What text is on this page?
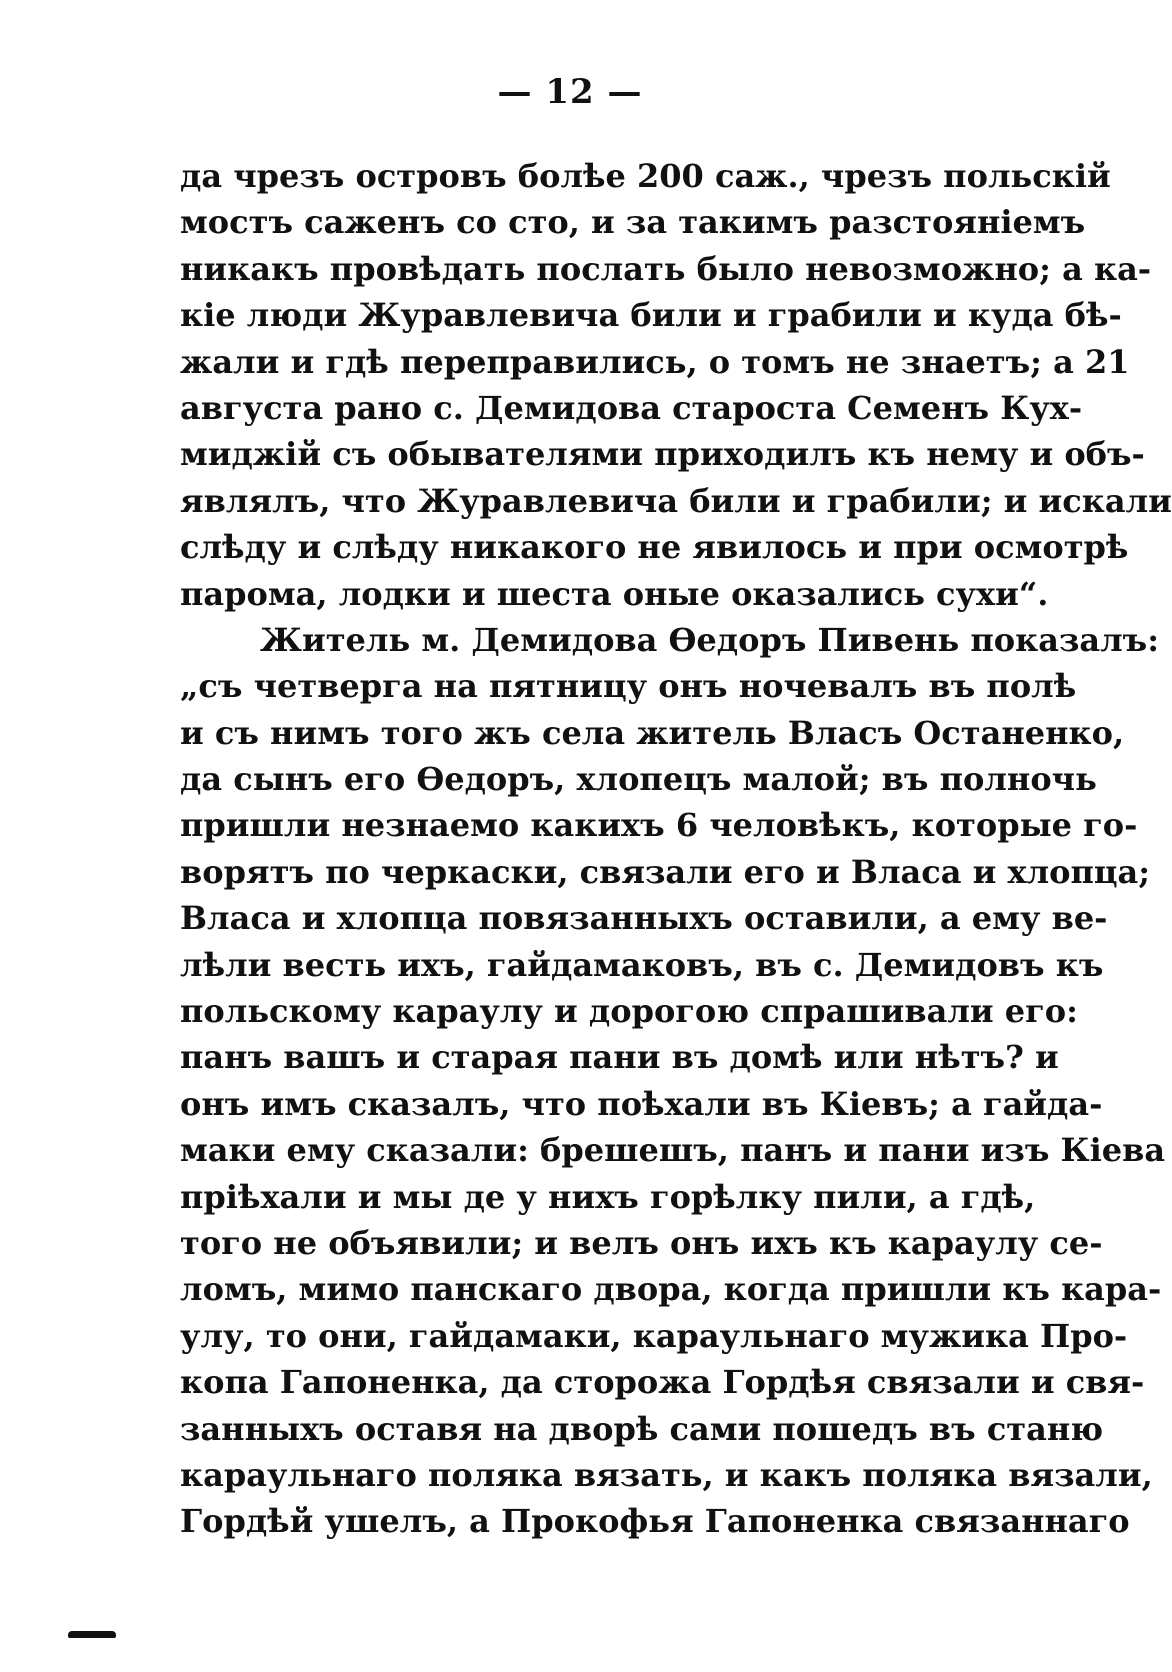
— 12 —
да чрезъ островъ болѣе 200 саж., чрезъ польскій
мостъ саженъ со сто, и за такимъ разстояніемъ
никакъ провѣдать послать было невозможно; а ка-
кіе люди Журавлевича били и грабили и куда бѣ-
жали и гдѣ переправились, о томъ не знаетъ; а 21
августа рано с. Демидова староста Семенъ Кух-
миджій съ обывателями приходилъ къ нему и объ-
являлъ, что Журавлевича били и грабили; и искали
слѣду и слѣду никакого не явилось и при осмотрѣ
парома, лодки и шеста оные оказались сухи“.
Житель м. Демидова Ѳедоръ Пивень показалъ:
„съ четверга на пятницу онъ ночевалъ въ полѣ
и съ нимъ того жъ села житель Власъ Останенко,
да сынъ его Ѳедоръ, хлопецъ малой; въ полночь
пришли незнаемо какихъ 6 человѣкъ, которые го-
ворятъ по черкаски, связали его и Власа и хлопца;
Власа и хлопца повязанныхъ оставили, а ему ве-
лѣли весть ихъ, гайдамаковъ, въ с. Демидовъ къ
польскому караулу и дорогою спрашивали его:
панъ вашъ и старая пани въ домѣ или нѣтъ? и
онъ имъ сказалъ, что поѣхали въ Кіевъ; а гайда-
маки ему сказали: брешешъ, панъ и пани изъ Кіева
пріѣхали и мы де у нихъ горѣлку пили, а гдѣ,
того не объявили; и велъ онъ ихъ къ караулу се-
ломъ, мимо панскаго двора, когда пришли къ кара-
улу, то они, гайдамаки, караульнаго мужика Про-
копа Гапоненка, да сторожа Гордѣя связали и свя-
занныхъ оставя на дворѣ сами пошедъ въ станю
караульнаго поляка вязать, и какъ поляка вязали,
Гордѣй ушелъ, а Прокофья Гапоненка связаннаго
